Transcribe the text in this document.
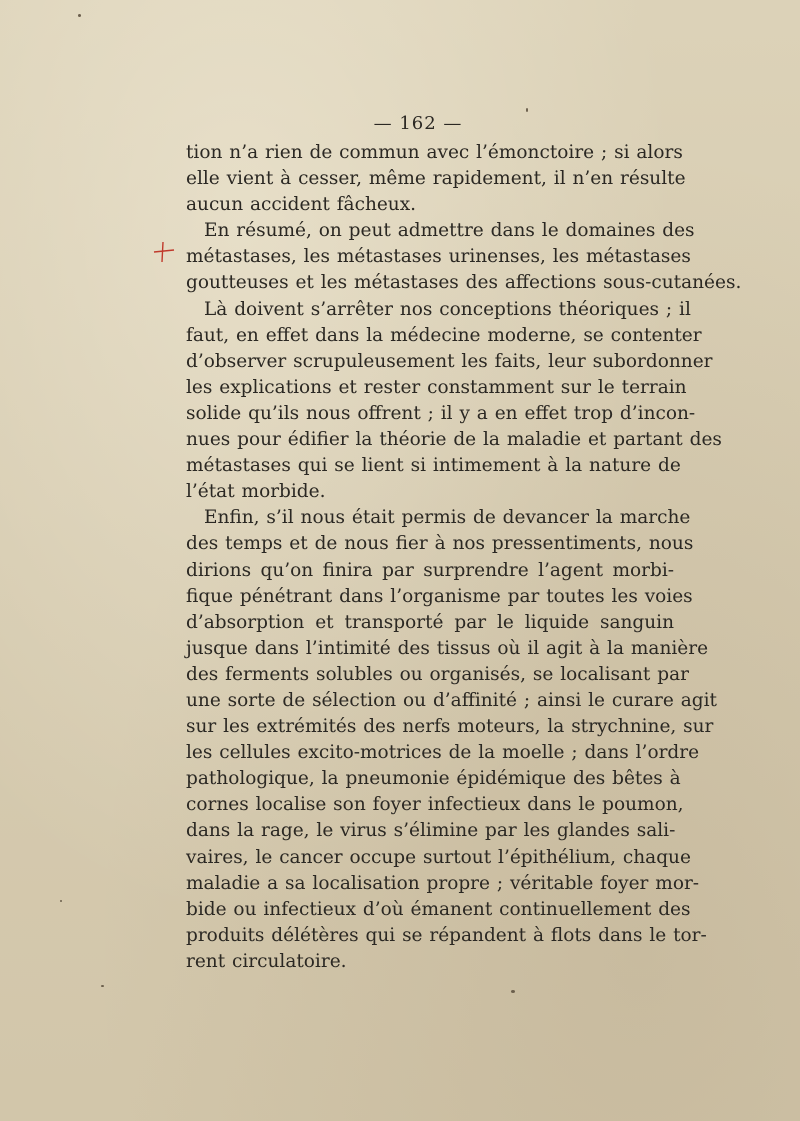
— 162 —
tion n’a rien de commun avec l’émonctoire ; si alors
elle vient à cesser, même rapidement, il n’en résulte
aucun accident fâcheux.
En résumé, on peut admettre dans le domaines des
métastases, les métastases urinenses, les métastases
goutteuses et les métastases des affections sous-cutanées.
Là doivent s’arrêter nos conceptions théoriques ; il
faut, en effet dans la médecine moderne, se contenter
d’observer scrupuleusement les faits, leur subordonner
les explications et rester constamment sur le terrain
solide qu’ils nous offrent ; il y a en effet trop d’incon-
nues pour édifier la théorie de la maladie et partant des
métastases qui se lient si intimement à la nature de
l’état morbide.
Enfin, s’il nous était permis de devancer la marche
des temps et de nous fier à nos pressentiments, nous
dirions qu’on finira par surprendre l’agent morbi-
fique pénétrant dans l’organisme par toutes les voies
d’absorption et transporté par le liquide sanguin
jusque dans l’intimité des tissus où il agit à la manière
des ferments solubles ou organisés, se localisant par
une sorte de sélection ou d’affinité ; ainsi le curare agit
sur les extrémités des nerfs moteurs, la strychnine, sur
les cellules excito-motrices de la moelle ; dans l’ordre
pathologique, la pneumonie épidémique des bêtes à
cornes localise son foyer infectieux dans le poumon,
dans la rage, le virus s’élimine par les glandes sali-
vaires, le cancer occupe surtout l’épithélium, chaque
maladie a sa localisation propre ; véritable foyer mor-
bide ou infectieux d’où émanent continuellement des
produits délétères qui se répandent à flots dans le tor-
rent circulatoire.
